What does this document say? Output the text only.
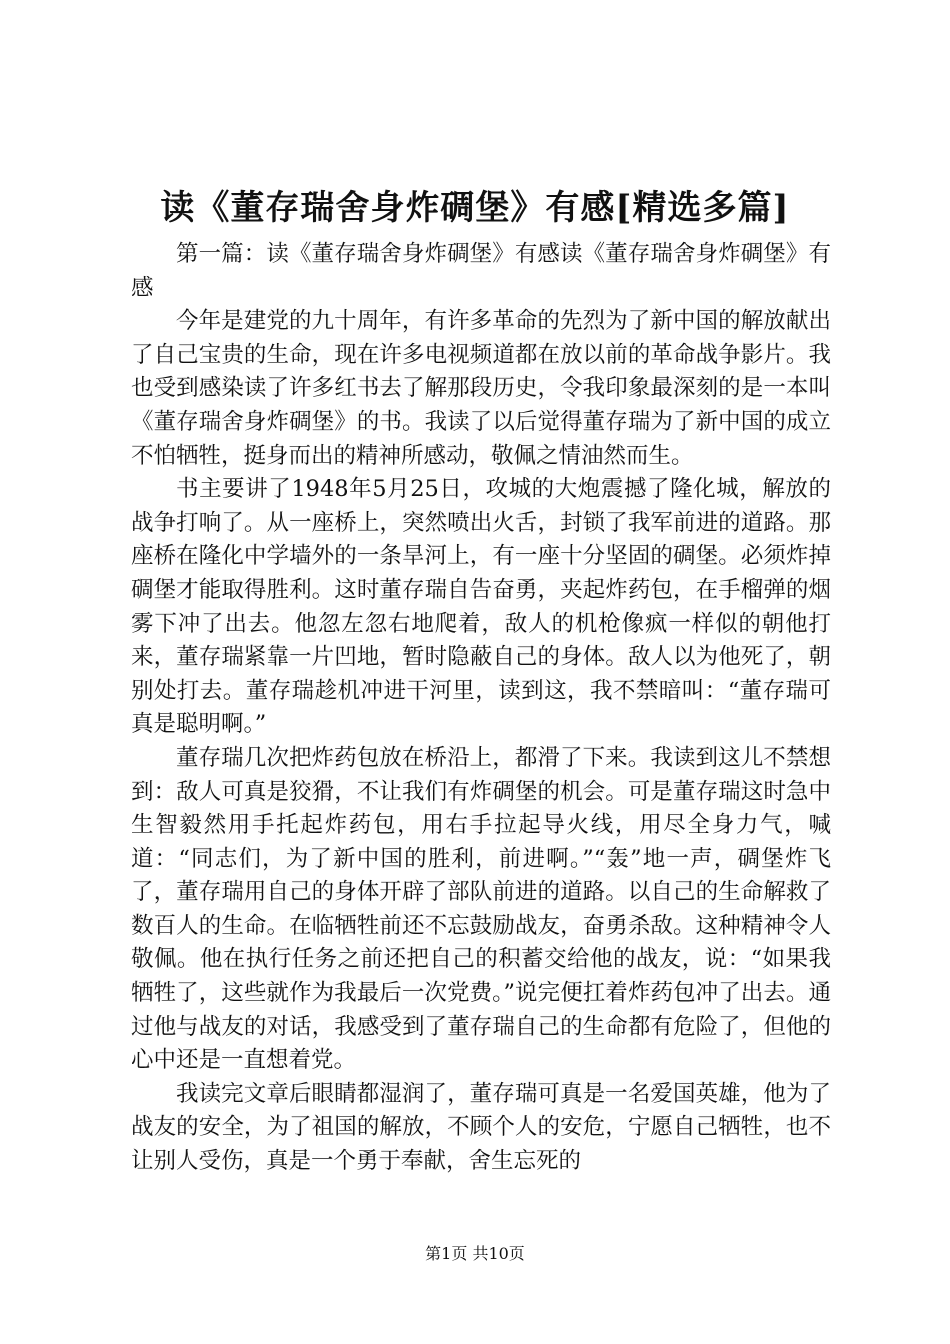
读《董存瑞舍身炸碉堡》有感[精选多篇]

第一篇：读《董存瑞舍身炸碉堡》有感读《董存瑞舍身炸碉堡》有感

今年是建党的九十周年，有许多革命的先烈为了新中国的解放献出了自己宝贵的生命，现在许多电视频道都在放以前的革命战争影片。我也受到感染读了许多红书去了解那段历史，令我印象最深刻的是一本叫《董存瑞舍身炸碉堡》的书。我读了以后觉得董存瑞为了新中国的成立不怕牺牲，挺身而出的精神所感动，敬佩之情油然而生。

书主要讲了1948年5月25日，攻城的大炮震撼了隆化城，解放的战争打响了。从一座桥上，突然喷出火舌，封锁了我军前进的道路。那座桥在隆化中学墙外的一条旱河上，有一座十分坚固的碉堡。必须炸掉碉堡才能取得胜利。这时董存瑞自告奋勇，夹起炸药包，在手榴弹的烟雾下冲了出去。他忽左忽右地爬着，敌人的机枪像疯一样似的朝他打来，董存瑞紧靠一片凹地，暂时隐蔽自己的身体。敌人以为他死了，朝别处打去。董存瑞趁机冲进干河里，读到这，我不禁暗叫：“董存瑞可真是聪明啊。”

董存瑞几次把炸药包放在桥沿上，都滑了下来。我读到这儿不禁想到：敌人可真是狡猾，不让我们有炸碉堡的机会。可是董存瑞这时急中生智毅然用手托起炸药包，用右手拉起导火线，用尽全身力气，喊道：“同志们，为了新中国的胜利，前进啊。”“轰”地一声，碉堡炸飞了，董存瑞用自己的身体开辟了部队前进的道路。以自己的生命解救了数百人的生命。在临牺牲前还不忘鼓励战友，奋勇杀敌。这种精神令人敬佩。他在执行任务之前还把自己的积蓄交给他的战友，说：“如果我牺牲了，这些就作为我最后一次党费。”说完便扛着炸药包冲了出去。通过他与战友的对话，我感受到了董存瑞自己的生命都有危险了，但他的心中还是一直想着党。

我读完文章后眼睛都湿润了，董存瑞可真是一名爱国英雄，他为了战友的安全，为了祖国的解放，不顾个人的安危，宁愿自己牺牲，也不让别人受伤，真是一个勇于奉献，舍生忘死的

第1页 共10页
